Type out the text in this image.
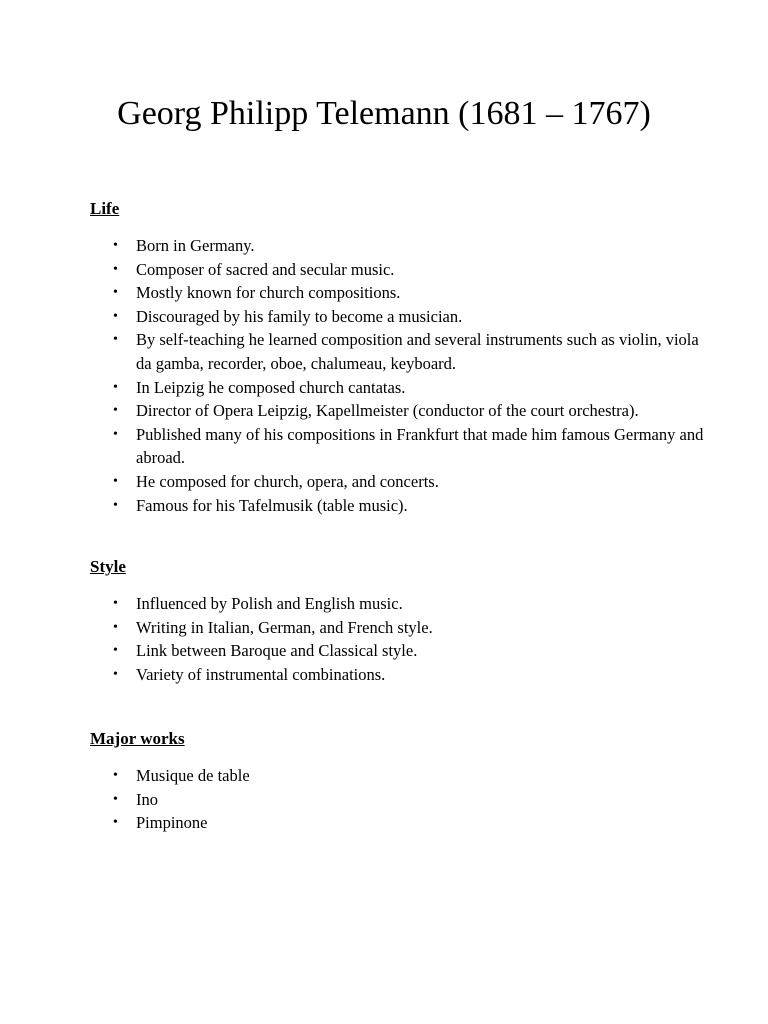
Georg Philipp Telemann (1681 – 1767)
Life
• Born in Germany.
• Composer of sacred and secular music.
• Mostly known for church compositions.
• Discouraged by his family to become a musician.
• By self-teaching he learned composition and several instruments such as violin, viola da gamba, recorder, oboe, chalumeau, keyboard.
• In Leipzig he composed church cantatas.
• Director of Opera Leipzig, Kapellmeister (conductor of the court orchestra).
• Published many of his compositions in Frankfurt that made him famous Germany and abroad.
• He composed for church, opera, and concerts.
• Famous for his Tafelmusik (table music).
Style
• Influenced by Polish and English music.
• Writing in Italian, German, and French style.
• Link between Baroque and Classical style.
• Variety of instrumental combinations.
Major works
• Musique de table
• Ino
• Pimpinone
